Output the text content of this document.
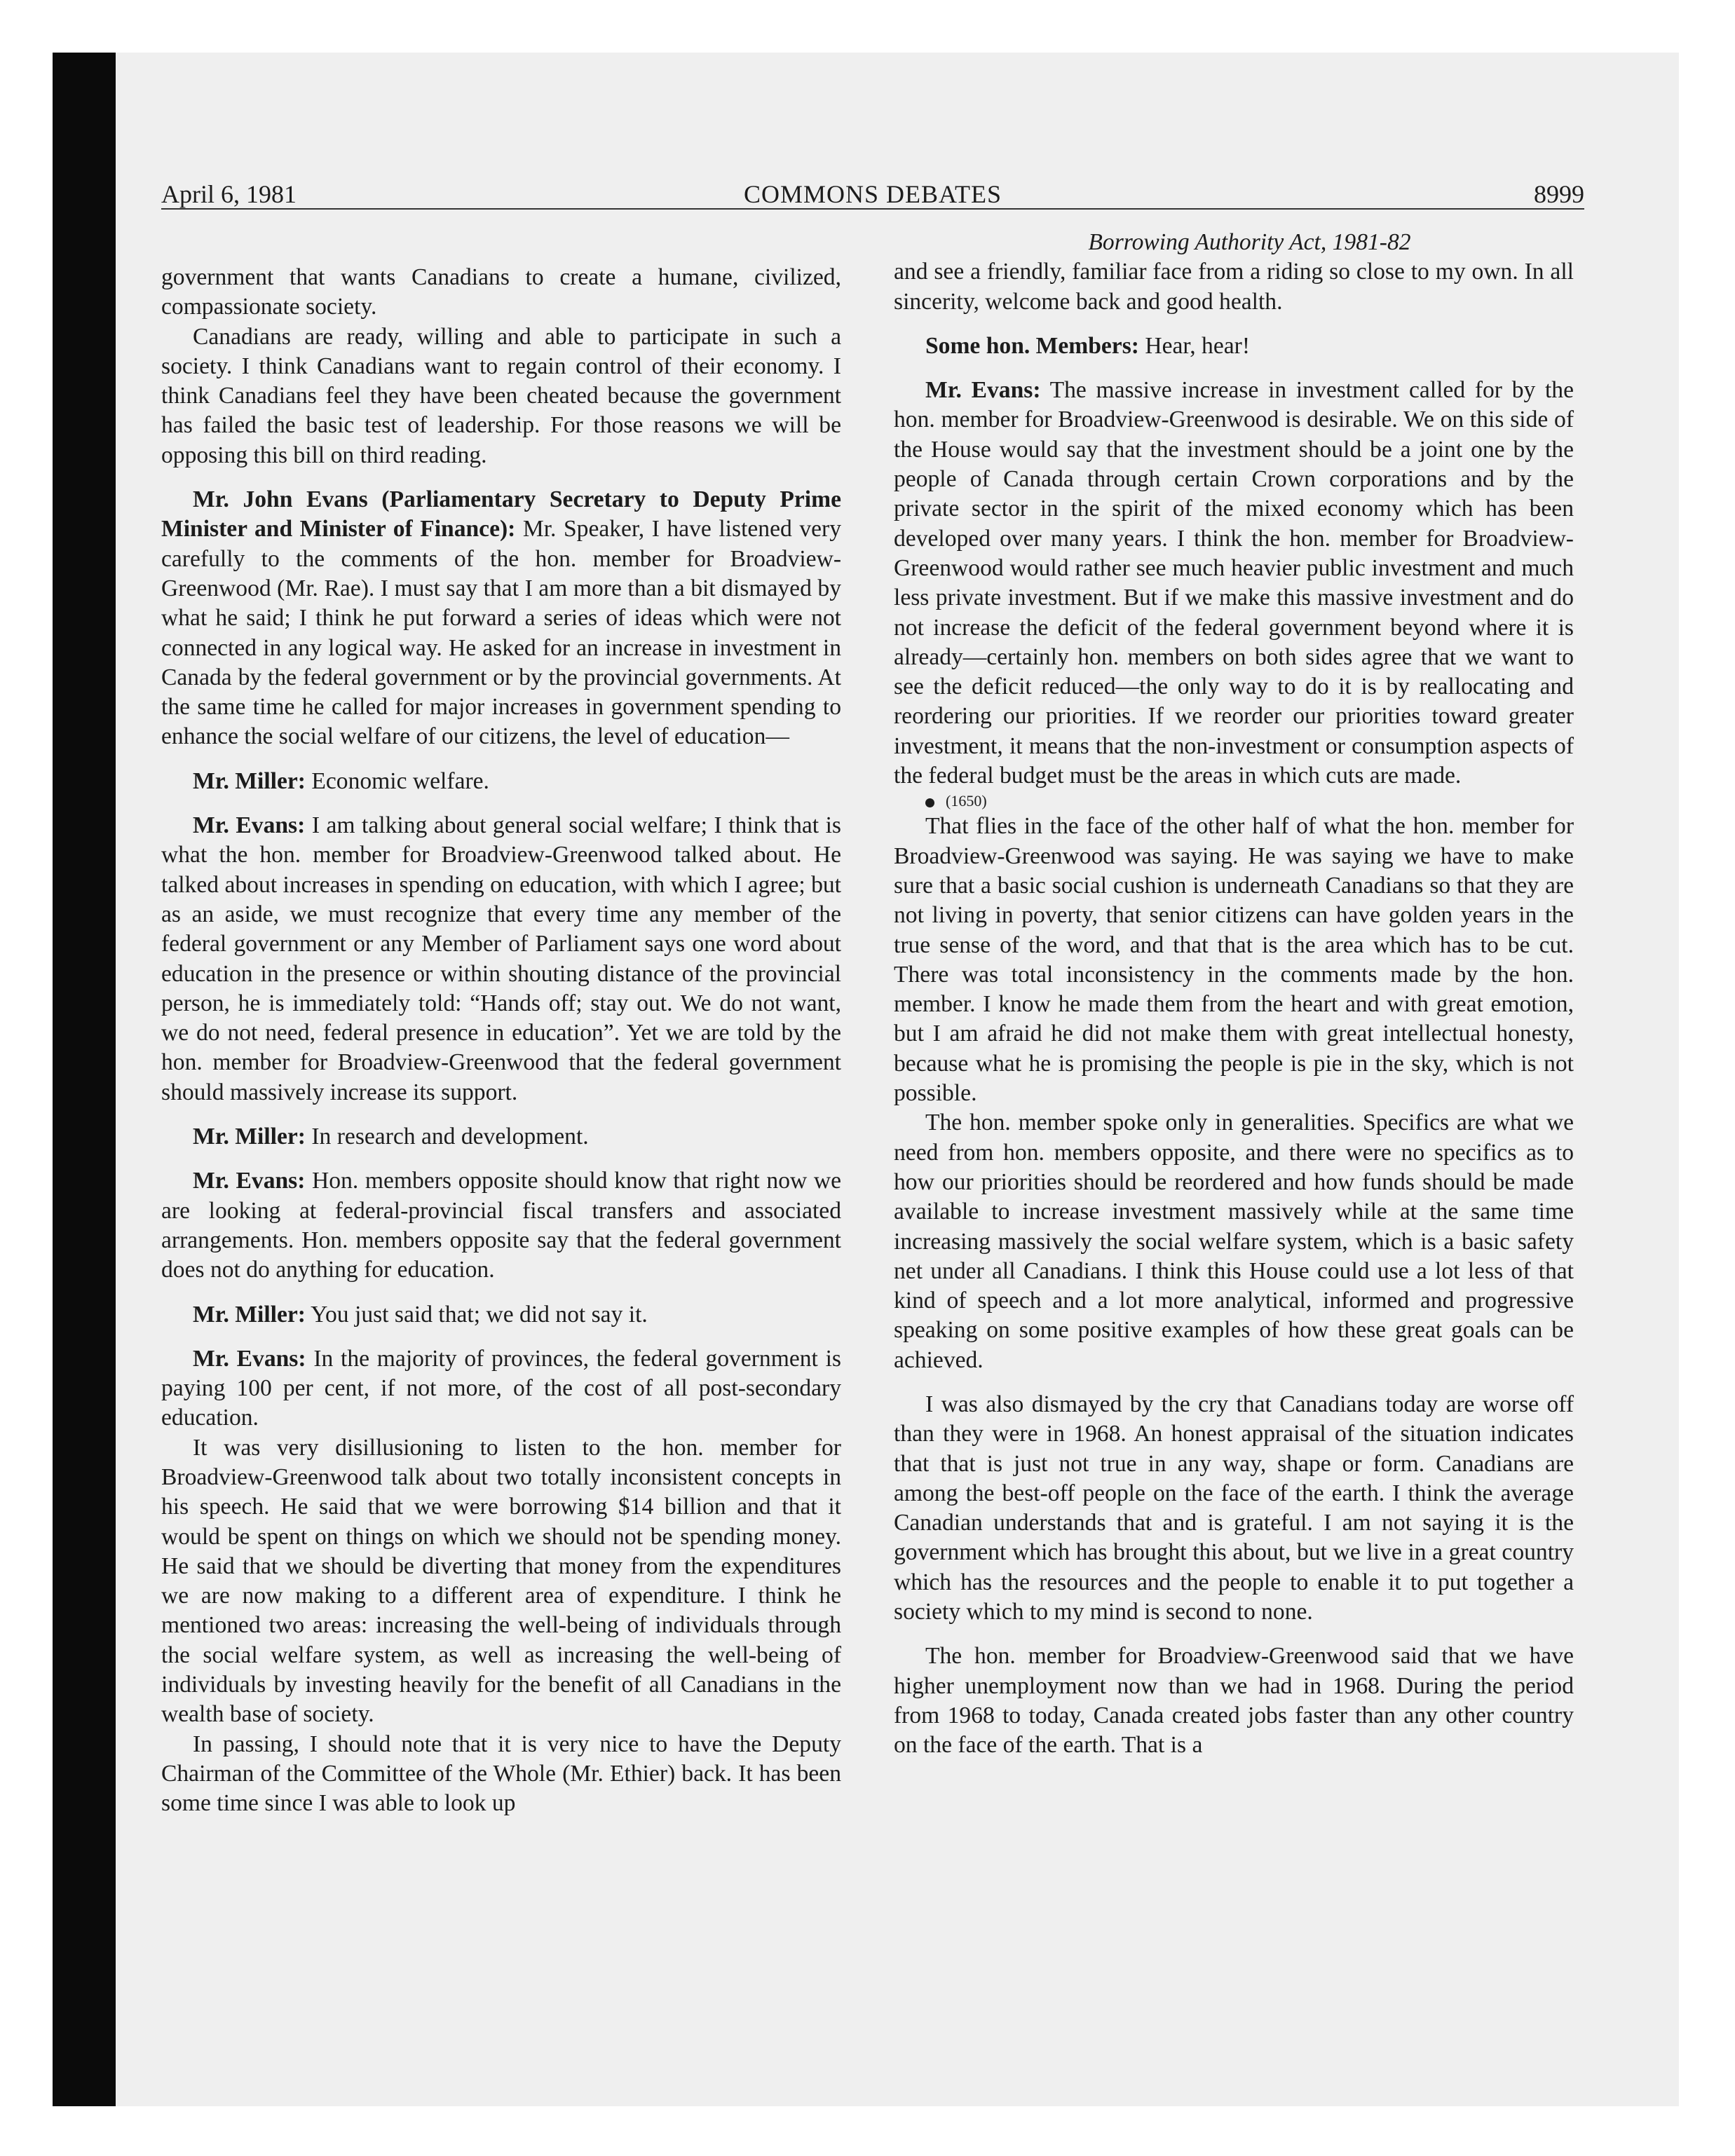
April 6, 1981	COMMONS DEBATES	8999

government that wants Canadians to create a humane, civilized, compassionate society.

Canadians are ready, willing and able to participate in such a society. I think Canadians want to regain control of their economy. I think Canadians feel they have been cheated because the government has failed the basic test of leadership. For those reasons we will be opposing this bill on third reading.

Mr. John Evans (Parliamentary Secretary to Deputy Prime Minister and Minister of Finance): Mr. Speaker, I have listened very carefully to the comments of the hon. member for Broadview-Greenwood (Mr. Rae). I must say that I am more than a bit dismayed by what he said; I think he put forward a series of ideas which were not connected in any logical way. He asked for an increase in investment in Canada by the federal government or by the provincial governments. At the same time he called for major increases in government spending to enhance the social welfare of our citizens, the level of education—

Mr. Miller: Economic welfare.

Mr. Evans: I am talking about general social welfare; I think that is what the hon. member for Broadview-Greenwood talked about. He talked about increases in spending on education, with which I agree; but as an aside, we must recognize that every time any member of the federal government or any Member of Parliament says one word about education in the presence or within shouting distance of the provincial person, he is immediately told: “Hands off; stay out. We do not want, we do not need, federal presence in education”. Yet we are told by the hon. member for Broadview-Greenwood that the federal government should massively increase its support.

Mr. Miller: In research and development.

Mr. Evans: Hon. members opposite should know that right now we are looking at federal-provincial fiscal transfers and associated arrangements. Hon. members opposite say that the federal government does not do anything for education.

Mr. Miller: You just said that; we did not say it.

Mr. Evans: In the majority of provinces, the federal government is paying 100 per cent, if not more, of the cost of all post-secondary education.

It was very disillusioning to listen to the hon. member for Broadview-Greenwood talk about two totally inconsistent concepts in his speech. He said that we were borrowing $14 billion and that it would be spent on things on which we should not be spending money. He said that we should be diverting that money from the expenditures we are now making to a different area of expenditure. I think he mentioned two areas: increasing the well-being of individuals through the social welfare system, as well as increasing the well-being of individuals by investing heavily for the benefit of all Canadians in the wealth base of society.

In passing, I should note that it is very nice to have the Deputy Chairman of the Committee of the Whole (Mr. Ethier) back. It has been some time since I was able to look up

Borrowing Authority Act, 1981-82

and see a friendly, familiar face from a riding so close to my own. In all sincerity, welcome back and good health.

Some hon. Members: Hear, hear!

Mr. Evans: The massive increase in investment called for by the hon. member for Broadview-Greenwood is desirable. We on this side of the House would say that the investment should be a joint one by the people of Canada through certain Crown corporations and by the private sector in the spirit of the mixed economy which has been developed over many years. I think the hon. member for Broadview-Greenwood would rather see much heavier public investment and much less private investment. But if we make this massive investment and do not increase the deficit of the federal government beyond where it is already—certainly hon. members on both sides agree that we want to see the deficit reduced—the only way to do it is by reallocating and reordering our priorities. If we reorder our priorities toward greater investment, it means that the non-investment or consumption aspects of the federal budget must be the areas in which cuts are made.

(1650)

That flies in the face of the other half of what the hon. member for Broadview-Greenwood was saying. He was saying we have to make sure that a basic social cushion is underneath Canadians so that they are not living in poverty, that senior citizens can have golden years in the true sense of the word, and that that is the area which has to be cut. There was total inconsistency in the comments made by the hon. member. I know he made them from the heart and with great emotion, but I am afraid he did not make them with great intellectual honesty, because what he is promising the people is pie in the sky, which is not possible.

The hon. member spoke only in generalities. Specifics are what we need from hon. members opposite, and there were no specifics as to how our priorities should be reordered and how funds should be made available to increase investment massively while at the same time increasing massively the social welfare system, which is a basic safety net under all Canadians. I think this House could use a lot less of that kind of speech and a lot more analytical, informed and progressive speaking on some positive examples of how these great goals can be achieved.

I was also dismayed by the cry that Canadians today are worse off than they were in 1968. An honest appraisal of the situation indicates that that is just not true in any way, shape or form. Canadians are among the best-off people on the face of the earth. I think the average Canadian understands that and is grateful. I am not saying it is the government which has brought this about, but we live in a great country which has the resources and the people to enable it to put together a society which to my mind is second to none.

The hon. member for Broadview-Greenwood said that we have higher unemployment now than we had in 1968. During the period from 1968 to today, Canada created jobs faster than any other country on the face of the earth. That is a
